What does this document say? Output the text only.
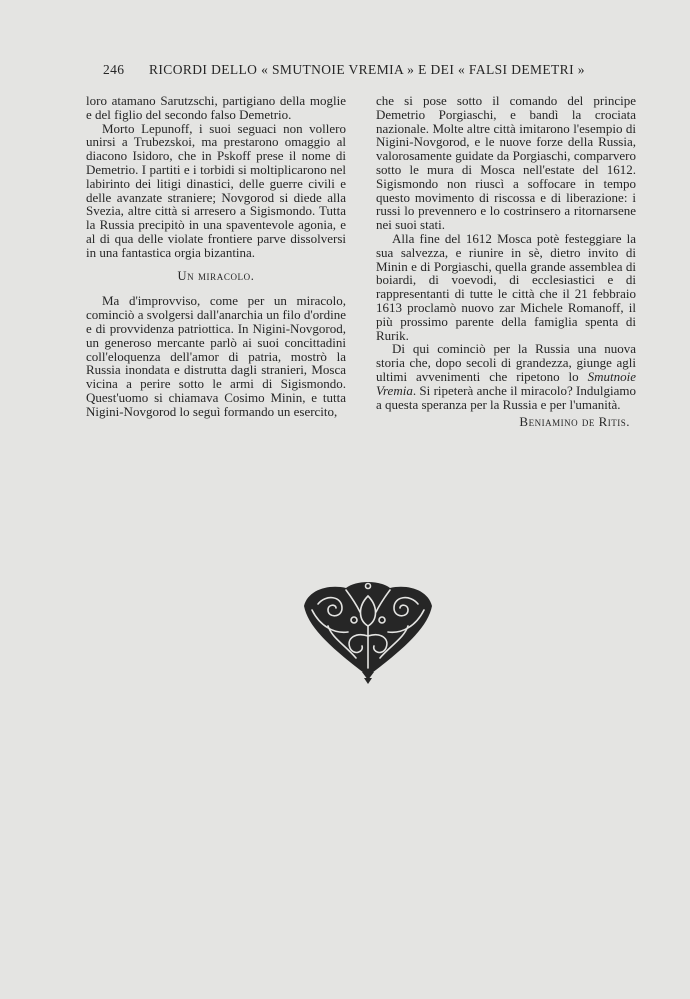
246 RICORDI DELLO « SMUTNOIE VREMIA » E DEI « FALSI DEMETRI »

loro atamano Sarutzschi, partigiano della moglie e del figlio del secondo falso Demetrio.

Morto Lepunoff, i suoi seguaci non vollero unirsi a Trubezskoi, ma prestarono omaggio al diacono Isidoro, che in Pskoff prese il nome di Demetrio. I partiti e i torbidi si moltiplicarono nel labirinto dei litigi dinastici, delle guerre civili e delle avanzate straniere; Novgorod si diede alla Svezia, altre città si arresero a Sigismondo. Tutta la Russia precipitò in una spaventevole agonia, e al di qua delle violate frontiere parve dissolversi in una fantastica orgia bizantina.

Un miracolo.

Ma d'improvviso, come per un miracolo, cominciò a svolgersi dall'anarchia un filo d'ordine e di provvidenza patriottica. In Nigini-Novgorod, un generoso mercante parlò ai suoi concittadini coll'eloquenza dell'amor di patria, mostrò la Russia inondata e distrutta dagli stranieri, Mosca vicina a perire sotto le armi di Sigismondo. Quest'uomo si chiamava Cosimo Minin, e tutta Nigini-Novgorod lo seguì formando un esercito,

che si pose sotto il comando del principe Demetrio Porgiaschi, e bandì la crociata nazionale. Molte altre città imitarono l'esempio di Nigini-Novgorod, e le nuove forze della Russia, valorosamente guidate da Porgiaschi, comparvero sotto le mura di Mosca nell'estate del 1612. Sigismondo non riuscì a soffocare in tempo questo movimento di riscossa e di liberazione: i russi lo prevennero e lo costrinsero a ritornarsene nei suoi stati.

Alla fine del 1612 Mosca potè festeggiare la sua salvezza, e riunire in sè, dietro invito di Minin e di Porgiaschi, quella grande assemblea di boiardi, di voevodi, di ecclesiastici e di rappresentanti di tutte le città che il 21 febbraio 1613 proclamò nuovo zar Michele Romanoff, il più prossimo parente della famiglia spenta di Rurik.

Di qui cominciò per la Russia una nuova storia che, dopo secoli di grandezza, giunge agli ultimi avvenimenti che ripetono lo Smutnoie Vremia. Si ripeterà anche il miracolo? Indulgiamo a questa speranza per la Russia e per l'umanità.

Beniamino de Ritis.
